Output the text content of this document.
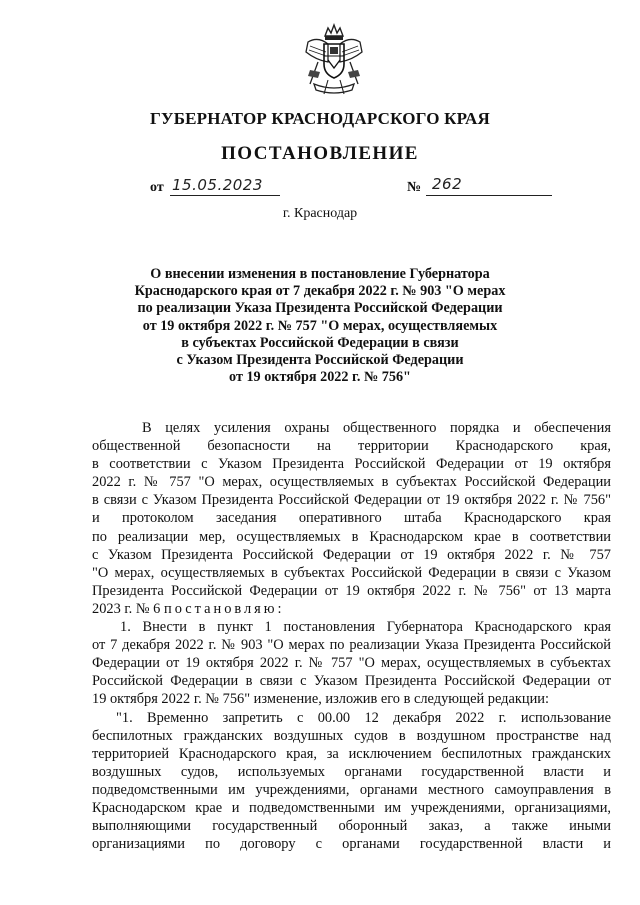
ГУБЕРНАТОР КРАСНОДАРСКОГО КРАЯ
ПОСТАНОВЛЕНИЕ
от 15.05.2023	№ 262
г. Краснодар
О внесении изменения в постановление Губернатора
Краснодарского края от 7 декабря 2022 г. № 903 "О мерах
по реализации Указа Президента Российской Федерации
от 19 октября 2022 г. № 757 "О мерах, осуществляемых
в субъектах Российской Федерации в связи
с Указом Президента Российской Федерации
от 19 октября 2022 г. № 756"
В целях усиления охраны общественного порядка и обеспечения
общественной безопасности на территории Краснодарского края,
в соответствии с Указом Президента Российской Федерации от 19 октября
2022 г. № 757 "О мерах, осуществляемых в субъектах Российской Федерации
в связи с Указом Президента Российской Федерации от 19 октября 2022 г. № 756"
и протоколом заседания оперативного штаба Краснодарского края
по реализации мер, осуществляемых в Краснодарском крае в соответствии
с Указом Президента Российской Федерации от 19 октября 2022 г. № 757
"О мерах, осуществляемых в субъектах Российской Федерации в связи с Указом
Президента Российской Федерации от 19 октября 2022 г. № 756" от 13 марта
2023 г. № 6 постановляю:
1. Внести в пункт 1 постановления Губернатора Краснодарского края
от 7 декабря 2022 г. № 903 "О мерах по реализации Указа Президента Российской
Федерации от 19 октября 2022 г. № 757 "О мерах, осуществляемых в субъектах
Российской Федерации в связи с Указом Президента Российской Федерации от
19 октября 2022 г. № 756" изменение, изложив его в следующей редакции:
"1. Временно запретить с 00.00 12 декабря 2022 г. использование
беспилотных гражданских воздушных судов в воздушном пространстве над
территорией Краснодарского края, за исключением беспилотных гражданских
воздушных судов, используемых органами государственной власти и
подведомственными им учреждениями, органами местного самоуправления в
Краснодарском крае и подведомственными им учреждениями, организациями,
выполняющими государственный оборонный заказ, а также иными
организациями по договору с органами государственной власти и
